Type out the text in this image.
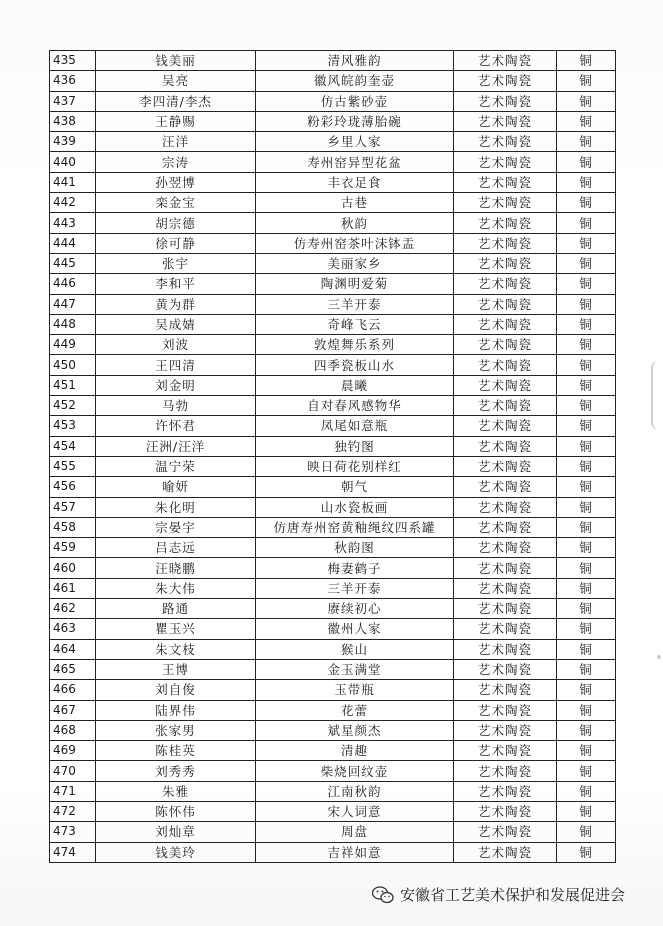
435	钱美丽	清风雅韵	艺术陶瓷	铜
436	吴亮	徽风皖韵奎壶	艺术陶瓷	铜
437	李四清/李杰	仿古紫砂壶	艺术陶瓷	铜
438	王静赐	粉彩玲珑薄胎碗	艺术陶瓷	铜
439	汪洋	乡里人家	艺术陶瓷	铜
440	宗涛	寿州窑异型花盆	艺术陶瓷	铜
441	孙翌博	丰衣足食	艺术陶瓷	铜
442	栾金宝	古巷	艺术陶瓷	铜
443	胡宗德	秋韵	艺术陶瓷	铜
444	徐可静	仿寿州窑茶叶沫钵盂	艺术陶瓷	铜
445	张宇	美丽家乡	艺术陶瓷	铜
446	李和平	陶渊明爱菊	艺术陶瓷	铜
447	黄为群	三羊开泰	艺术陶瓷	铜
448	吴成婧	奇峰飞云	艺术陶瓷	铜
449	刘波	敦煌舞乐系列	艺术陶瓷	铜
450	王四清	四季瓷板山水	艺术陶瓷	铜
451	刘金明	晨曦	艺术陶瓷	铜
452	马勃	自对春风感物华	艺术陶瓷	铜
453	许怀君	凤尾如意瓶	艺术陶瓷	铜
454	汪洲/汪洋	独钓图	艺术陶瓷	铜
455	温宁荣	映日荷花别样红	艺术陶瓷	铜
456	喻妍	朝气	艺术陶瓷	铜
457	朱化明	山水瓷板画	艺术陶瓷	铜
458	宗晏宇	仿唐寿州窑黄釉绳纹四系罐	艺术陶瓷	铜
459	吕志远	秋韵图	艺术陶瓷	铜
460	汪晓鹏	梅妻鹤子	艺术陶瓷	铜
461	朱大伟	三羊开泰	艺术陶瓷	铜
462	路通	赓续初心	艺术陶瓷	铜
463	瞿玉兴	徽州人家	艺术陶瓷	铜
464	朱文枝	猴山	艺术陶瓷	铜
465	王博	金玉满堂	艺术陶瓷	铜
466	刘自俊	玉带瓶	艺术陶瓷	铜
467	陆界伟	花蕾	艺术陶瓷	铜
468	张家男	斌星颜杰	艺术陶瓷	铜
469	陈桂英	清趣	艺术陶瓷	铜
470	刘秀秀	柴烧回纹壶	艺术陶瓷	铜
471	朱雅	江南秋韵	艺术陶瓷	铜
472	陈怀伟	宋人词意	艺术陶瓷	铜
473	刘灿章	周盘	艺术陶瓷	铜
474	钱美玲	吉祥如意	艺术陶瓷	铜
安徽省工艺美术保护和发展促进会
